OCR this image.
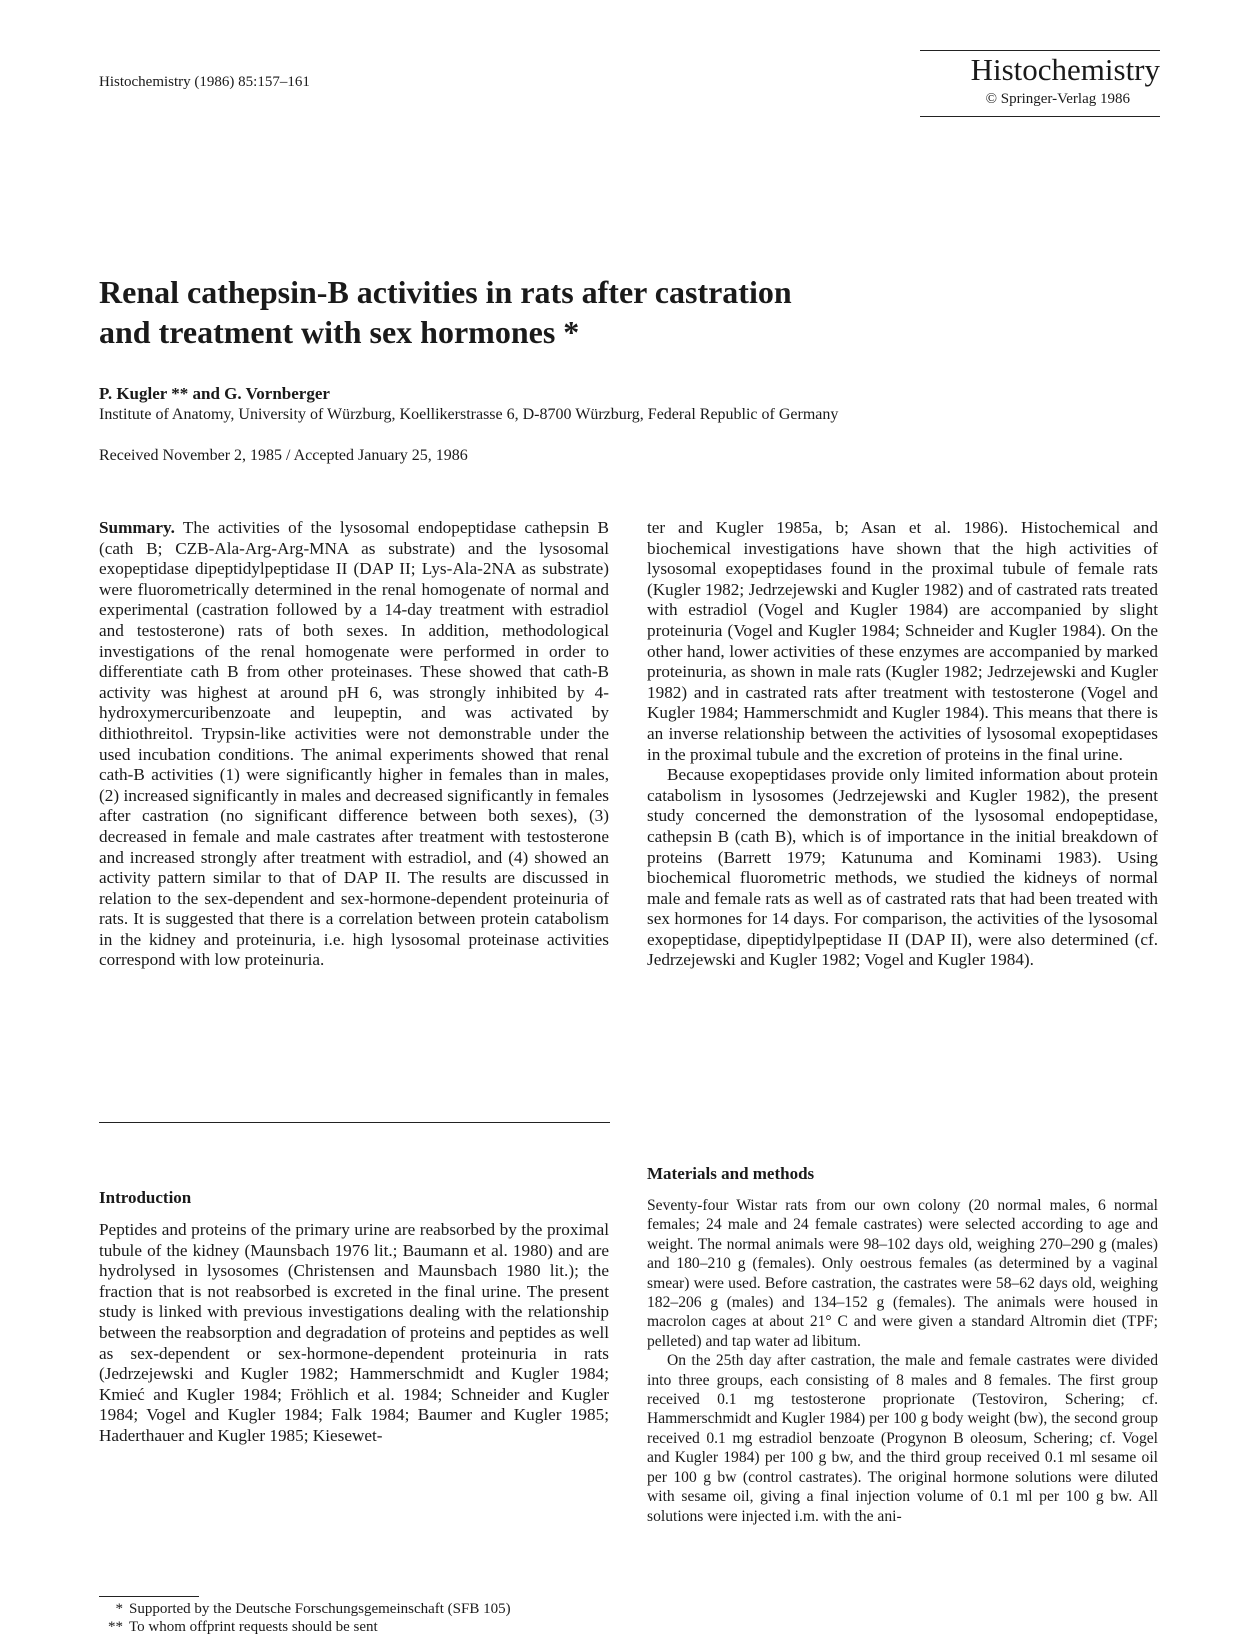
Histochemistry (1986) 85:157–161	Histochemistry
© Springer-Verlag 1986
Renal cathepsin-B activities in rats after castration
and treatment with sex hormones *
P. Kugler ** and G. Vornberger
Institute of Anatomy, University of Würzburg, Koellikerstrasse 6, D-8700 Würzburg, Federal Republic of Germany
Received November 2, 1985 / Accepted January 25, 1986

Summary. The activities of the lysosomal endopeptidase cathepsin B (cath B; CZB-Ala-Arg-Arg-MNA as substrate) and the lysosomal exopeptidase dipeptidylpeptidase II (DAP II; Lys-Ala-2NA as substrate) were fluorometrically determined in the renal homogenate of normal and experimental (castration followed by a 14-day treatment with estradiol and testosterone) rats of both sexes. In addition, methodological investigations of the renal homogenate were performed in order to differentiate cath B from other proteinases. These showed that cath-B activity was highest at around pH 6, was strongly inhibited by 4-hydroxymercuribenzoate and leupeptin, and was activated by dithiothreitol. Trypsin-like activities were not demonstrable under the used incubation conditions. The animal experiments showed that renal cath-B activities (1) were significantly higher in females than in males, (2) increased significantly in males and decreased significantly in females after castration (no significant difference between both sexes), (3) decreased in female and male castrates after treatment with testosterone and increased strongly after treatment with estradiol, and (4) showed an activity pattern similar to that of DAP II. The results are discussed in relation to the sex-dependent and sex-hormone-dependent proteinuria of rats. It is suggested that there is a correlation between protein catabolism in the kidney and proteinuria, i.e. high lysosomal proteinase activities correspond with low proteinuria.

Introduction

Peptides and proteins of the primary urine are reabsorbed by the proximal tubule of the kidney (Maunsbach 1976 lit.; Baumann et al. 1980) and are hydrolysed in lysosomes (Christensen and Maunsbach 1980 lit.); the fraction that is not reabsorbed is excreted in the final urine. The present study is linked with previous investigations dealing with the relationship between the reabsorption and degradation of proteins and peptides as well as sex-dependent or sex-hormone-dependent proteinuria in rats (Jedrzejewski and Kugler 1982; Hammerschmidt and Kugler 1984; Kmieć and Kugler 1984; Fröhlich et al. 1984; Schneider and Kugler 1984; Vogel and Kugler 1984; Falk 1984; Baumer and Kugler 1985; Haderthauer and Kugler 1985; Kiesewet-

ter and Kugler 1985a, b; Asan et al. 1986). Histochemical and biochemical investigations have shown that the high activities of lysosomal exopeptidases found in the proximal tubule of female rats (Kugler 1982; Jedrzejewski and Kugler 1982) and of castrated rats treated with estradiol (Vogel and Kugler 1984) are accompanied by slight proteinuria (Vogel and Kugler 1984; Schneider and Kugler 1984). On the other hand, lower activities of these enzymes are accompanied by marked proteinuria, as shown in male rats (Kugler 1982; Jedrzejewski and Kugler 1982) and in castrated rats after treatment with testosterone (Vogel and Kugler 1984; Hammerschmidt and Kugler 1984). This means that there is an inverse relationship between the activities of lysosomal exopeptidases in the proximal tubule and the excretion of proteins in the final urine.

Because exopeptidases provide only limited information about protein catabolism in lysosomes (Jedrzejewski and Kugler 1982), the present study concerned the demonstration of the lysosomal endopeptidase, cathepsin B (cath B), which is of importance in the initial breakdown of proteins (Barrett 1979; Katunuma and Kominami 1983). Using biochemical fluorometric methods, we studied the kidneys of normal male and female rats as well as of castrated rats that had been treated with sex hormones for 14 days. For comparison, the activities of the lysosomal exopeptidase, dipeptidylpeptidase II (DAP II), were also determined (cf. Jedrzejewski and Kugler 1982; Vogel and Kugler 1984).

Materials and methods

Seventy-four Wistar rats from our own colony (20 normal males, 6 normal females; 24 male and 24 female castrates) were selected according to age and weight. The normal animals were 98–102 days old, weighing 270–290 g (males) and 180–210 g (females). Only oestrous females (as determined by a vaginal smear) were used. Before castration, the castrates were 58–62 days old, weighing 182–206 g (males) and 134–152 g (females). The animals were housed in macrolon cages at about 21° C and were given a standard Altromin diet (TPF; pelleted) and tap water ad libitum.

On the 25th day after castration, the male and female castrates were divided into three groups, each consisting of 8 males and 8 females. The first group received 0.1 mg testosterone proprionate (Testoviron, Schering; cf. Hammerschmidt and Kugler 1984) per 100 g body weight (bw), the second group received 0.1 mg estradiol benzoate (Progynon B oleosum, Schering; cf. Vogel and Kugler 1984) per 100 g bw, and the third group received 0.1 ml sesame oil per 100 g bw (control castrates). The original hormone solutions were diluted with sesame oil, giving a final injection volume of 0.1 ml per 100 g bw. All solutions were injected i.m. with the ani-

* Supported by the Deutsche Forschungsgemeinschaft (SFB 105)
** To whom offprint requests should be sent
